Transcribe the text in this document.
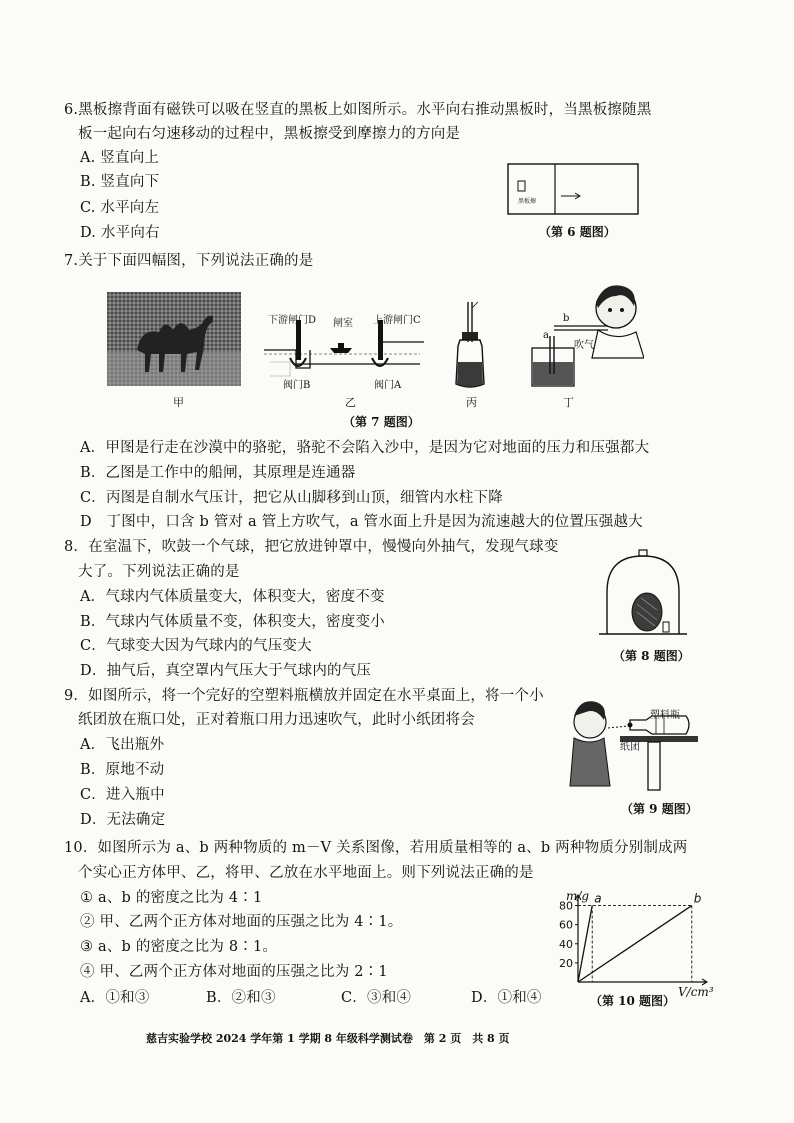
6.黑板擦背面有磁铁可以吸在竖直的黑板上如图所示。水平向右推动黑板时，当黑板擦随黑
板一起向右匀速移动的过程中，黑板擦受到摩擦力的方向是
A. 竖直向上
B. 竖直向下
C. 水平向左
D. 水平向右
黑板擦
（第 6 题图）
7.关于下面四幅图，下列说法正确的是
甲
下游闸门D 闸室 上游闸门C
阀门B	阀门A
乙	丙
b
a
吹气
丁
（第 7 题图）
A．甲图是行走在沙漠中的骆驼，骆驼不会陷入沙中，是因为它对地面的压力和压强都大
B．乙图是工作中的船闸，其原理是连通器
C．丙图是自制水气压计，把它从山脚移到山顶，细管内水柱下降
D　丁图中，口含 b 管对 a 管上方吹气，a 管水面上升是因为流速越大的位置压强越大
8．在室温下，吹鼓一个气球，把它放进钟罩中，慢慢向外抽气，发现气球变
大了。下列说法正确的是
A．气球内气体质量变大，体积变大，密度不变
B．气球内气体质量不变，体积变大，密度变小
C．气球变大因为气球内的气压变大
D．抽气后，真空罩内气压大于气球内的气压
（第 8 题图）
9．如图所示，将一个完好的空塑料瓶横放并固定在水平桌面上，将一个小
纸团放在瓶口处，正对着瓶口用力迅速吹气，此时小纸团将会
A．飞出瓶外
B．原地不动
C．进入瓶中
D．无法确定
塑料瓶
纸团
（第 9 题图）
10．如图所示为 a、b 两种物质的 m－V 关系图像，若用质量相等的 a、b 两种物质分别制成两
个实心正方体甲、乙，将甲、乙放在水平地面上。则下列说法正确的是
① a、b 的密度之比为 4∶1
② 甲、乙两个正方体对地面的压强之比为 4∶1。
③ a、b 的密度之比为 8∶1。
④ 甲、乙两个正方体对地面的压强之比为 2∶1
A．①和③	B．②和③	C．③和④	D．①和④
20
40
60
80
a	b
m/g
V/cm³
（第 10 题图）
慈吉实验学校 2024 学年第 1 学期 8 年级科学测试卷　第 2 页　共 8 页
